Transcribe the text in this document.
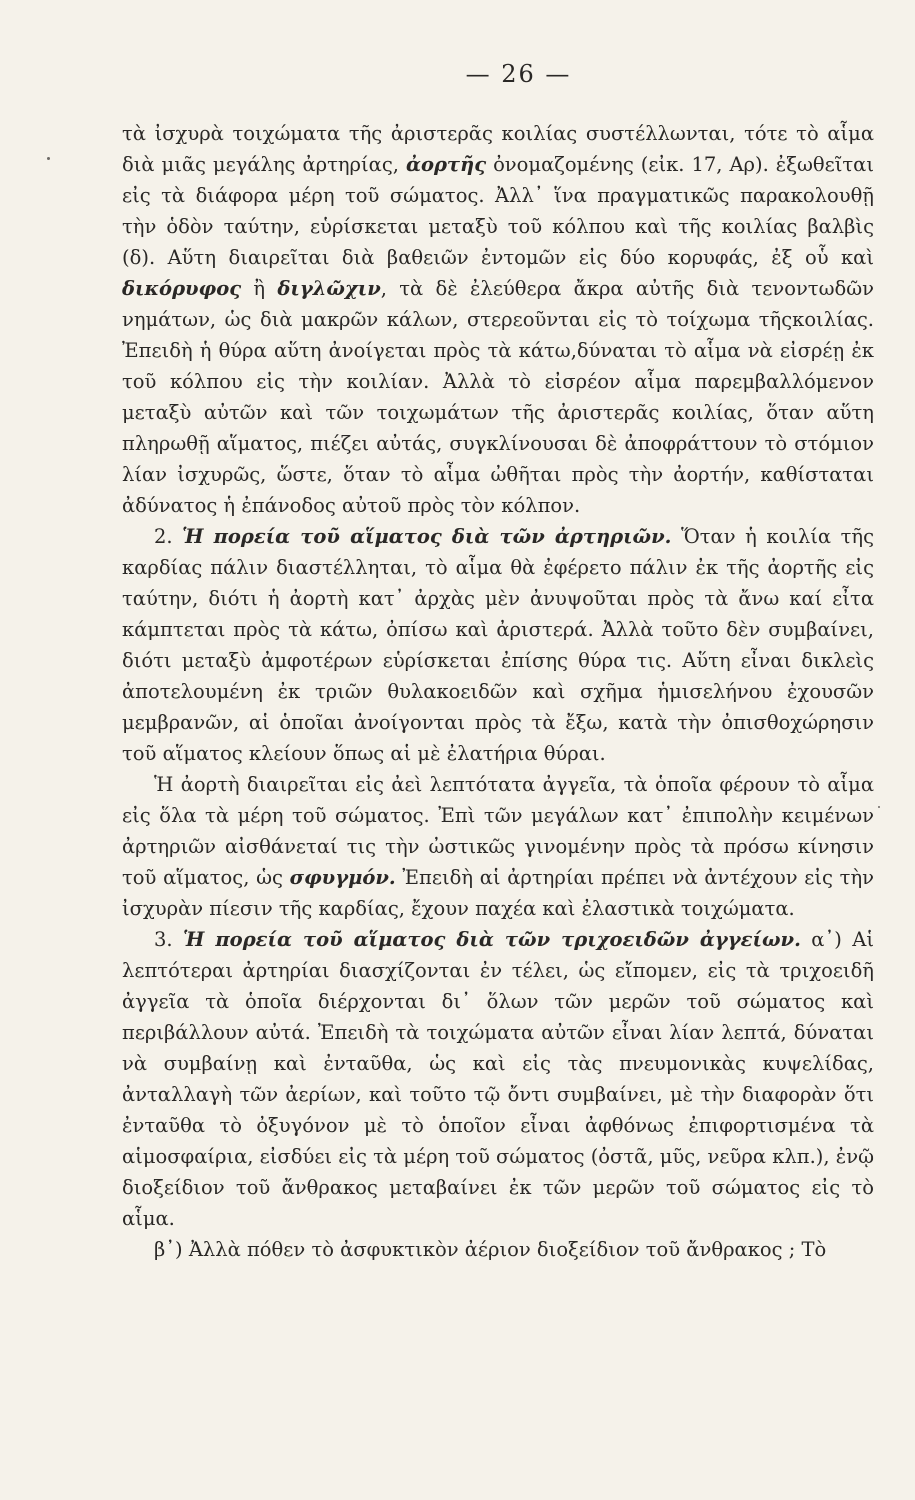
— 26 —

τὰ ἰσχυρὰ τοιχώματα τῆς ἀριστερᾶς κοιλίας συστέλλωνται, τότε τὸ αἷμα διὰ μιᾶς μεγάλης ἀρτηρίας, ἀορτῆς ὀνομαζομένης (εἰκ. 17, Αρ). ἐξωθεῖται εἰς τὰ διάφορα μέρη τοῦ σώματος. Ἀλλ᾽ ἵνα πραγματικῶς παρακολουθῇ τὴν ὁδὸν ταύτην, εὑρίσκεται μεταξὺ τοῦ κόλπου καὶ τῆς κοιλίας βαλβὶς (δ). Αὕτη διαιρεῖται διὰ βαθειῶν ἐντομῶν εἰς δύο κορυφάς, ἐξ οὗ καὶ δικόρυφος ἢ διγλῶχιν, τὰ δὲ ἐλεύθερα ἄκρα αὐτῆς διὰ τενοντωδῶν νημάτων, ὡς διὰ μακρῶν κάλων, στερεοῦνται εἰς τὸ τοίχωμα τῆςκοιλίας. Ἐπειδὴ ἡ θύρα αὕτη ἀνοίγεται πρὸς τὰ κάτω,δύναται τὸ αἷμα νὰ εἰσρέῃ ἐκ τοῦ κόλπου εἰς τὴν κοιλίαν. Ἀλλὰ τὸ εἰσρέον αἷμα παρεμβαλλόμενον μεταξὺ αὐτῶν καὶ τῶν τοιχωμάτων τῆς ἀριστερᾶς κοιλίας, ὅταν αὕτη πληρωθῇ αἵματος, πιέζει αὐτάς, συγκλίνουσαι δὲ ἀποφράττουν τὸ στόμιον λίαν ἰσχυρῶς, ὥστε, ὅταν τὸ αἷμα ὠθῆται πρὸς τὴν ἀορτήν, καθίσταται ἀδύνατος ἡ ἐπάνοδος αὐτοῦ πρὸς τὸν κόλπον.

2. Ἡ πορεία τοῦ αἵματος διὰ τῶν ἀρτηριῶν. Ὅταν ἡ κοιλία τῆς καρδίας πάλιν διαστέλληται, τὸ αἷμα θὰ ἐφέρετο πάλιν ἐκ τῆς ἀορτῆς εἰς ταύτην, διότι ἡ ἀορτὴ κατ᾽ ἀρχὰς μὲν ἀνυψοῦται πρὸς τὰ ἄνω καί εἶτα κάμπτεται πρὸς τὰ κάτω, ὀπίσω καὶ ἀριστερά. Ἀλλὰ τοῦτο δὲν συμβαίνει, διότι μεταξὺ ἀμφοτέρων εὑρίσκεται ἐπίσης θύρα τις. Αὕτη εἶναι δικλεὶς ἀποτελουμένη ἐκ τριῶν θυλακοειδῶν καὶ σχῆμα ἡμισελήνου ἐχουσῶν μεμβρανῶν, αἱ ὁποῖαι ἀνοίγονται πρὸς τὰ ἔξω, κατὰ τὴν ὀπισθοχώρησιν τοῦ αἵματος κλείουν ὅπως αἱ μὲ ἐλατήρια θύραι.

Ἡ ἀορτὴ διαιρεῖται εἰς ἀεὶ λεπτότατα ἀγγεῖα, τὰ ὁποῖα φέρουν τὸ αἷμα εἰς ὅλα τὰ μέρη τοῦ σώματος. Ἐπὶ τῶν μεγάλων κατ᾽ ἐπιπολὴν κειμένων ἀρτηριῶν αἰσθάνεταί τις τὴν ὠστικῶς γινομένην πρὸς τὰ πρόσω κίνησιν τοῦ αἵματος, ὡς σφυγμόν. Ἐπειδὴ αἱ ἀρτηρίαι πρέπει νὰ ἀντέχουν εἰς τὴν ἰσχυρὰν πίεσιν τῆς καρδίας, ἔχουν παχέα καὶ ἐλαστικὰ τοιχώματα.

3. Ἡ πορεία τοῦ αἵματος διὰ τῶν τριχοειδῶν ἀγγείων. α᾽) Αἱ λεπτότεραι ἀρτηρίαι διασχίζονται ἐν τέλει, ὡς εἴπομεν, εἰς τὰ τριχοειδῆ ἀγγεῖα τὰ ὁποῖα διέρχονται δι᾽ ὅλων τῶν μερῶν τοῦ σώματος καὶ περιβάλλουν αὐτά. Ἐπειδὴ τὰ τοιχώματα αὐτῶν εἶναι λίαν λεπτά, δύναται νὰ συμβαίνῃ καὶ ἐνταῦθα, ὡς καὶ εἰς τὰς πνευμονικὰς κυψελίδας, ἀνταλλαγὴ τῶν ἀερίων, καὶ τοῦτο τῷ ὄντι συμβαίνει, μὲ τὴν διαφορὰν ὅτι ἐνταῦθα τὸ ὀξυγόνον μὲ τὸ ὁποῖον εἶναι ἀφθόνως ἐπιφορτισμένα τὰ αἱμοσφαίρια, εἰσδύει εἰς τὰ μέρη τοῦ σώματος (ὀστᾶ, μῦς, νεῦρα κλπ.), ἐνῷ διοξείδιον τοῦ ἄνθρακος μεταβαίνει ἐκ τῶν μερῶν τοῦ σώματος εἰς τὸ αἷμα.

β᾽) Ἀλλὰ πόθεν τὸ ἀσφυκτικὸν ἀέριον διοξείδιον τοῦ ἄνθρακος ; Τὸ
